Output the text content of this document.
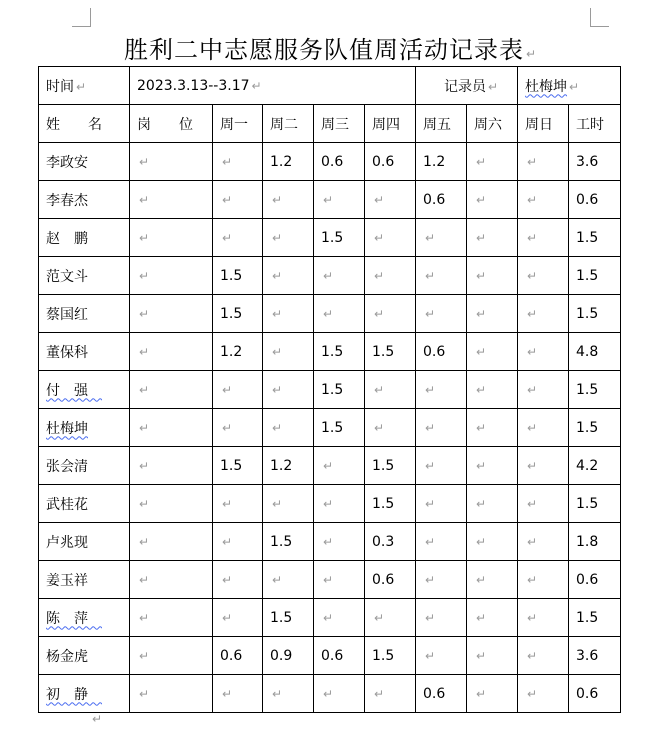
胜利二中志愿服务队值周活动记录表 ↵
时间 ↵	2023.3.13--3.17 ↵					记录员 ↵		杜梅坤 ↵	
姓名	岗位	周一	周二	周三	周四	周五	周六	周日	工时
李政安	↵	↵	1.2	0.6	0.6	1.2	↵	↵	3.6
李春杰	↵	↵	↵	↵	↵	0.6	↵	↵	0.6
赵鹏	↵	↵	↵	1.5	↵	↵	↵	↵	1.5
范文斗	↵	1.5	↵	↵	↵	↵	↵	↵	1.5
蔡国红	↵	1.5	↵	↵	↵	↵	↵	↵	1.5
董保科	↵	1.2	↵	1.5	1.5	0.6	↵	↵	4.8
付强	↵	↵	↵	1.5	↵	↵	↵	↵	1.5
杜梅坤	↵	↵	↵	1.5	↵	↵	↵	↵	1.5
张会清	↵	1.5	1.2	↵	1.5	↵	↵	↵	4.2
武桂花	↵	↵	↵	↵	1.5	↵	↵	↵	1.5
卢兆现	↵	↵	1.5	↵	0.3	↵	↵	↵	1.8
姜玉祥	↵	↵	↵	↵	0.6	↵	↵	↵	0.6
陈萍	↵	↵	1.5	↵	↵	↵	↵	↵	1.5
杨金虎	↵	0.6	0.9	0.6	1.5	↵	↵	↵	3.6
初静	↵	↵	↵	↵	↵	0.6	↵	↵	0.6
↵
